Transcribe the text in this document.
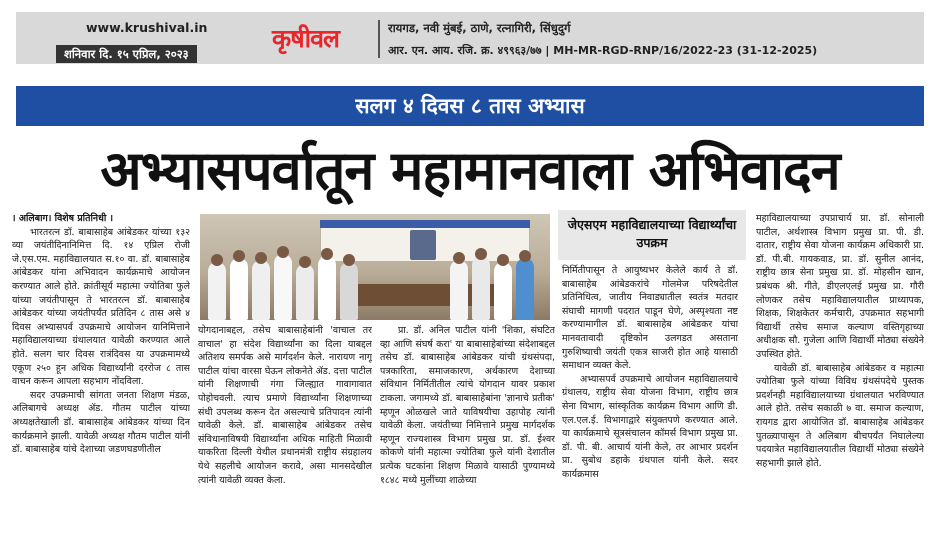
www.krushival.in
शनिवार दि. १५ एप्रिल, २०२३
कृषीवल	रायगड, नवी मुंबई, ठाणे, रत्नागिरी, सिंधुदुर्ग
आर. एन. आय. रजि. क्र. ४९९६३/७७ | MH-MR-RGD-RNP/16/2022-23 (31-12-2025)
सलग ४ दिवस ८ तास अभ्यास
अभ्यासपर्वातून महामानवाला अभिवादन

। अलिबाग। विशेष प्रतिनिधी ।

भारतरत्न डॉ. बाबासाहेब आंबेडकर यांच्या १३२ व्या जयंतीदिनानिमित्त दि. १४ एप्रिल रोजी जे.एस.एम. महाविद्यालयात स.१० वा. डॉ. बाबासाहेब आंबेडकर यांना अभिवादन कार्यक्रमाचे आयोजन करण्यात आले होते. क्रांतीसूर्य महात्मा ज्योतिबा फुले यांच्या जयंतीपासून ते भारतरत्न डॉ. बाबासाहेब आंबेडकर यांच्या जयंतीपर्यंत प्रतिदिन ८ तास असे ४ दिवस अभ्यासपर्व उपक्रमाचे आयोजन यानिमित्ताने महाविद्यालयाच्या ग्रंथालयात यावेळी करण्यात आले होते. सलग चार दिवस रात्रंदिवस या उपक्रमामध्ये एकूण २५० हून अधिक विद्यार्थ्यांनी दररोज ८ तास वाचन करून आपला सहभाग नोंदविला.

सदर उपक्रमाची सांगता जनता शिक्षण मंडळ, अलिबागचे अध्यक्ष ॲड. गौतम पाटील यांच्या अध्यक्षतेखाली डॉ. बाबासाहेब आंबेडकर यांच्या दिन कार्यक्रमाने झाली. यावेळी अध्यक्ष गौतम पाटील यांनी डॉ. बाबासाहेब यांचे देशाच्या जडणघडणीतील

योगदानाबद्दल, तसेच बाबासाहेबांनी 'वाचाल तर वाचाल' हा संदेश विद्यार्थ्यांना का दिला याबद्दल अतिशय समर्पक असे मार्गदर्शन केले. नारायण नागू पाटील यांचा वारसा घेऊन लोकनेते ॲड. दत्ता पाटील यांनी शिक्षणाची गंगा जिल्ह्यात गावागावात पोहोचवली. त्याच प्रमाणे विद्यार्थ्यांना शिक्षणाच्या संधी उपलब्ध करून देत असल्याचे प्रतिपादन त्यांनी यावेळी केले. डॉ. बाबासाहेब आंबेडकर तसेच संविधानाविषयी विद्यार्थ्यांना अधिक माहिती मिळावी याकरिता दिल्ली येथील प्रधानमंत्री राष्ट्रीय संग्रहालय येथे सहलीचे आयोजन करावे, असा मानसदेखील त्यांनी यावेळी व्यक्त केला.

प्रा. डॉ. अनिल पाटील यांनी 'शिका, संघटित व्हा आणि संघर्ष करा' या बाबासाहेबांच्या संदेशाबद्दल तसेच डॉ. बाबासाहेब आंबेडकर यांची ग्रंथसंपदा, पत्रकारिता, समाजकारण, अर्थकारण देशाच्या संविधान निर्मितीतील त्यांचे योगदान यावर प्रकाश टाकला. जगामध्ये डॉ. बाबासाहेबांना 'ज्ञानाचे प्रतीक' म्हणून ओळखले जाते याविषयीचा उहापोह त्यांनी यावेळी केला. जयंतीच्या निमित्ताने प्रमुख मार्गदर्शक म्हणून राज्यशास्त्र विभाग प्रमुख प्रा. डॉ. ईश्वर कोकणे यांनी महात्मा ज्योतिबा फुले यांनी देशातील प्रत्येक घटकांना शिक्षण मिळावे यासाठी पुण्यामध्ये १८४८ मध्ये मुलींच्या शाळेच्या

जेएसएम महाविद्यालयाच्या विद्यार्थ्यांचा उपक्रम

निर्मितीपासून ते आयुष्यभर केलेले कार्य ते डॉ. बाबासाहेब आंबेडकरांचे गोलमेज परिषदेतील प्रतिनिधित्व, जातीय निवाड्यातील स्वतंत्र मतदार संघाची मागणी पदरात पाडून घेणे, अस्पृश्यता नष्ट करण्यामागील डॉ. बाबासाहेब आंबेडकर यांचा मानवतावादी दृष्टिकोन उलगडत असताना गुरुशिष्याची जयंती एकत्र साजरी होत आहे यासाठी समाधान व्यक्त केले.

अभ्यासपर्व उपक्रमाचे आयोजन महाविद्यालयाचे ग्रंथालय, राष्ट्रीय सेवा योजना विभाग, राष्ट्रीय छात्र सेना विभाग, सांस्कृतिक कार्यक्रम विभाग आणि डी. एल.एल.ई. विभागाद्वारे संयुक्तपणे करण्यात आले. या कार्यक्रमाचे सूत्रसंचालन कॉमर्स विभाग प्रमुख प्रा. डॉ. पी. बी. आचार्य यांनी केले, तर आभार प्रदर्शन प्रा. सुबोध डहाके ग्रंथपाल यांनी केले. सदर कार्यक्रमास

महाविद्यालयाच्या उपप्राचार्य प्रा. डॉ. सोनाली पाटील, अर्थशास्त्र विभाग प्रमुख प्रा. पी. डी. दातार, राष्ट्रीय सेवा योजना कार्यक्रम अधिकारी प्रा. डॉ. पी.बी. गायकवाड, प्रा. डॉ. सुनील आनंद, राष्ट्रीय छात्र सेना प्रमुख प्रा. डॉ. मोहसीन खान, प्रबंधक श्री. गीते, डीएलएलई प्रमुख प्रा. गौरी लोणकर तसेच महाविद्यालयातील प्राध्यापक, शिक्षक, शिक्षकेतर कर्मचारी, उपक्रमात सहभागी विद्यार्थी तसेच समाज कल्याण वस्तिगृहाच्या अधीक्षक सौ. गुजेला आणि विद्यार्थी मोठ्या संख्येने उपस्थित होते.

यावेळी डॉ. बाबासाहेब आंबेडकर व महात्मा ज्योतिबा फुले यांच्या विविध ग्रंथसंपदेचे पुस्तक प्रदर्शनही महाविद्यालयाच्या ग्रंथालयात भरविण्यात आले होते. तसेच सकाळी ७ वा. समाज कल्याण, रायगड द्वारा आयोजित डॉ. बाबासाहेब आंबेडकर पुतळ्यापासून ते अलिबाग बीचपर्यंत निघालेल्या पदयात्रेत महाविद्यालयातील विद्यार्थी मोठ्या संख्येने सहभागी झाले होते.
